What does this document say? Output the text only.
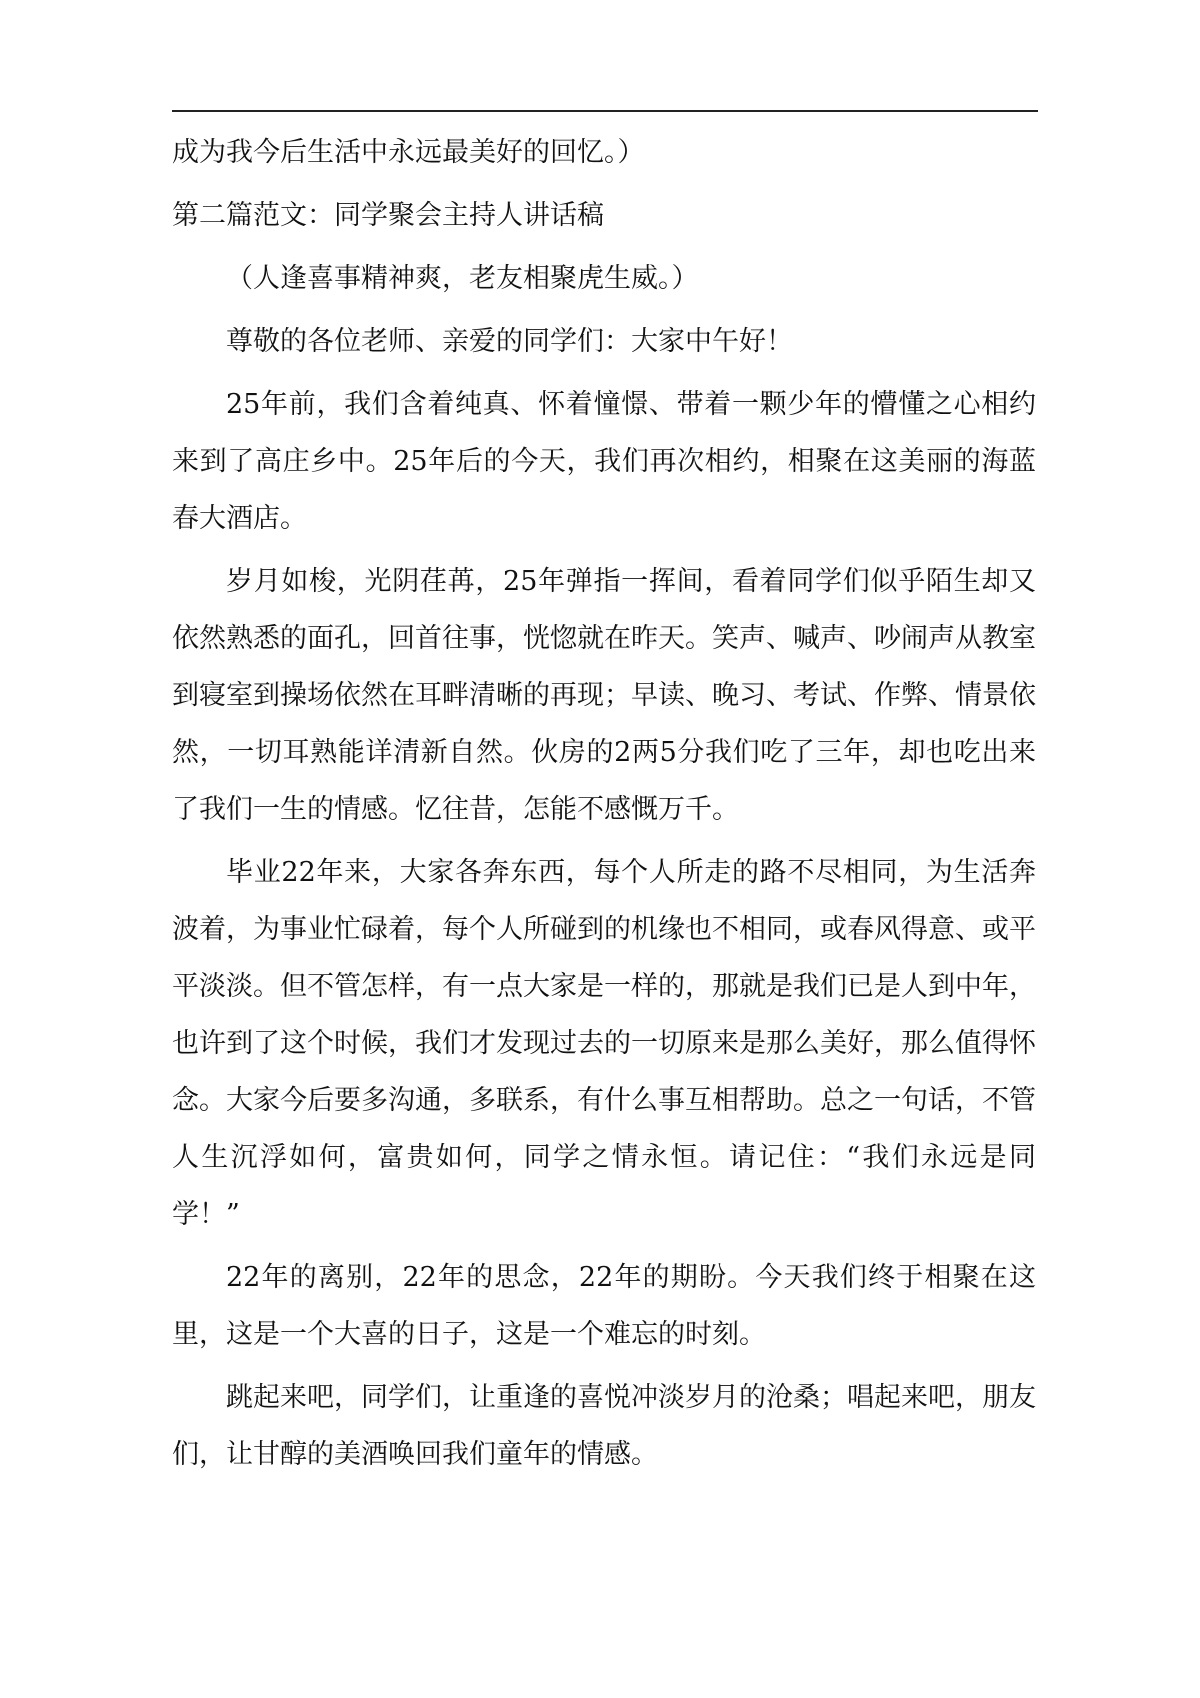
成为我今后生活中永远最美好的回忆。）

第二篇范文：同学聚会主持人讲话稿

（人逢喜事精神爽，老友相聚虎生威。）

尊敬的各位老师、亲爱的同学们：大家中午好！

25年前，我们含着纯真、怀着憧憬、带着一颗少年的懵懂之心相约来到了高庄乡中。25年后的今天，我们再次相约，相聚在这美丽的海蓝春大酒店。

岁月如梭，光阴荏苒，25年弹指一挥间，看着同学们似乎陌生却又依然熟悉的面孔，回首往事，恍惚就在昨天。笑声、喊声、吵闹声从教室到寝室到操场依然在耳畔清晰的再现；早读、晚习、考试、作弊、情景依然，一切耳熟能详清新自然。伙房的2两5分我们吃了三年，却也吃出来了我们一生的情感。忆往昔，怎能不感慨万千。

毕业22年来，大家各奔东西，每个人所走的路不尽相同，为生活奔波着，为事业忙碌着，每个人所碰到的机缘也不相同，或春风得意、或平平淡淡。但不管怎样，有一点大家是一样的，那就是我们已是人到中年，也许到了这个时候，我们才发现过去的一切原来是那么美好，那么值得怀念。大家今后要多沟通，多联系，有什么事互相帮助。总之一句话，不管人生沉浮如何，富贵如何，同学之情永恒。请记住：“我们永远是同学！”

22年的离别，22年的思念，22年的期盼。今天我们终于相聚在这里，这是一个大喜的日子，这是一个难忘的时刻。

跳起来吧，同学们，让重逢的喜悦冲淡岁月的沧桑；唱起来吧，朋友们，让甘醇的美酒唤回我们童年的情感。
